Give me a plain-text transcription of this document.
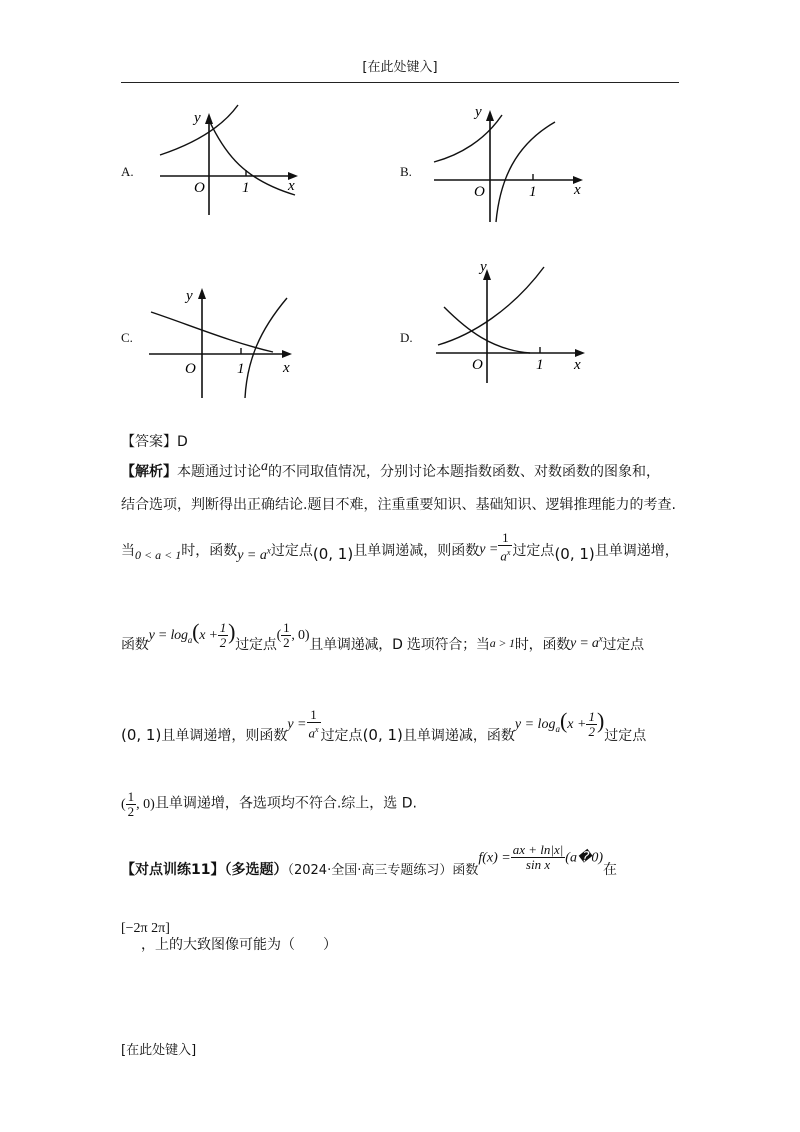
[在此处键入]
A.	B.
C.	D.
O 1	x
y
O	1	x
y
O	1	x
y
O	1 x
y
【答案】D
【解析】本题通过讨论a的不同取值情况，分别讨论本题指数函数、对数函数的图象和，
结合选项，判断得出正确结论.题目不难，注重重要知识、基础知识、逻辑推理能力的考查.
当0 < a < 1时，函数$y = a^x$过定点(0, 1)且单调递减，则函数$y = \frac{1}{a^x}$ 过定点(0, 1)且单调递增，
函数$y = \log_a(x + \frac{1}{2}$ )过定点( $\frac{1}{2}$ , 0)且单调递减，D 选项符合；当a > 1时，函数$y = a^x$过定点
(0, 1)且单调递增，则函数$y = \frac{1}{a^x}$ 过定点(0, 1)且单调递减，函数$y = \log_a(x + \frac{1}{2}$ )过定点
( $\frac{1}{2}$ , 0)且单调递增，各选项均不符合.综上，选 D.
【对点训练11】（多选题）（2024·全国·高三专题练习）函数$f(x) = \frac{ax + \ln|x|}{\text{sin x}}$ (a�0)在
[−2π 2π]
，上的大致图像可能为（　　）
[在此处键入]
